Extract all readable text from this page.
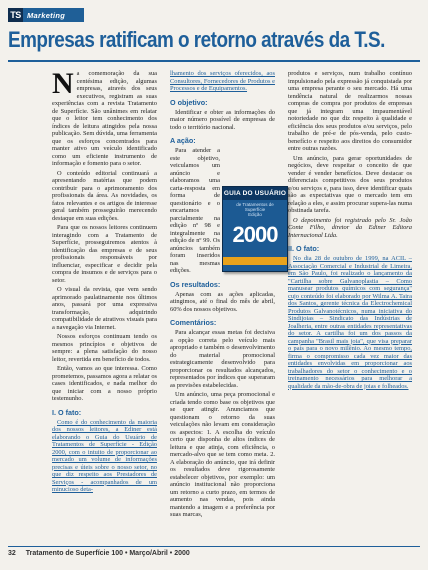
TS Marketing
Empresas ratificam o retorno através da T.S.

Na comemoração da sua centésima edição, algumas empresas, através dos seus executivos, registram as suas experiências com a revista Tratamento de Superfície. São unânimes em relatar que o leitor tem conhecimento dos índices de leitura atingidos pela nossa publicação. Sem dúvida, uma ferramenta que os esforços concentrados para manter ativo um veículo identificado como um eficiente instrumento de informação e fomento para o setor.

O conteúdo editorial continuará a apresentando matérias que podem contribuir para o aprimoramento dos profissionais da área. As novidades, os fatos relevantes e os artigos de interesse geral também prosseguirão merecendo destaque em suas edições.

Para que os nossos leitores continuem interagindo com a Tratamento de Superfície, prosseguiremos atentos à identificação das empresas e de seus profissionais responsáveis por influenciar, especificar e decidir pela compra de insumos e de serviços para o setor.

O visual da revista, que vem sendo aprimorado paulatinamente nos últimos anos, passará por uma expressiva transformação, adquirindo compatibilidade de atrativos visuais para a navegação via Internet.

Nossos esforços continuam tendo os mesmos princípios e objetivos de sempre: a plena satisfação do nosso leitor, revertida em benefício de todos.

Então, vamos ao que interessa. Como prometemos, passamos agora a relatar os cases identificados, e nada melhor do que iniciar com a nosso próprio testemunho.

I. O fato:

Como é do conhecimento da maioria dos nossos leitores, a Ediner está elaborando o Guia do Usuário de Tratamentos de Superfície - Edição 2000, com o intuito de proporcionar ao mercado um volume de informações precisas e úteis sobre o nosso setor, no que diz respeito aos Prestadores de Serviços - acompanhados de um minucioso deta-

lhamento dos serviços oferecidos, aos Consultores, Fornecedores de Produtos e Processos e de Equipamentos.

O objetivo:

Identificar e obter as informações do maior número possível de empresas de todo o território nacional.

A ação:

Para atender a este objetivo, veiculamos um anúncio e elaboramos uma carta-resposta em forma de questionário e o encartamos parcialmente na edição nº 98 e integralmente na edição de nº 99. Os anúncios também foram inseridos nas mesmas edições.

Os resultados:

Apenas com as ações aplicadas, atingimos, até o final do mês de abril, 60% dos nossos objetivos.

Comentários:

Para alcançar essas metas foi decisiva a opção correta pelo veículo mais apropriado e também o desenvolvimento do material promocional estrategicamente desenvolvido para proporcionar os resultados alcançados, representados por índices que superaram as previsões estabelecidas.

Um anúncio, uma peça promocional e criada tendo como base os objetivos que se quer atingir. Anunciamos que questionam o retorno da suas veiculações não levam em consideração os aspectos: 1. A escolha do veículo certo que disponha de altos índices de leitura e que atinja, com eficiência, o mercado-alvo que se tem como meta. 2. A elaboração do anúncio, que irá definir os resultados deve rigorosamente estabelecer objetivos, por exemplo: um anúncio institucional não proporciona um retorno a curto prazo, em termos de aumento nas vendas, pois ainda mantendo a imagem e a preferência por suas marcas,

GUIA DO USUÁRIO
de Tratamentos de Superfície
Edição
2000

produtos e serviços, num trabalho contínuo impulsionado pela expressão já conquistada por uma empresa perante o seu mercado. Há uma tendência natural de realizarmos nossas compras de compra por produtos de empresas que já integram uma impaumentável notoriedade no que diz respeito à qualidade e eficiência dos seus produtos e/ou serviços, pelo trabalho de pré-e de pós-venda, pelo custo-benefício e respeito aos direitos do consumidor entre outras razões.

Um anúncio, para gerar oportunidades de negócios, deve respeitar o conceito de que vender é vender benefícios. Deve destacar os diferenciais competitivos dos seus produtos e/ou serviços e, para isso, deve identificar quais são as expectativas que o mercado tem em relação a eles, e assim procurar supera-las numa obstinada tarefa.

O depoimento foi registrado pelo Sr. João Conte Filho, diretor da Ediner Editora Internacional Ltda.

II. O fato:

No dia 28 de outubro de 1999, na ACIL – Associação Comercial e Industrial de Limeira, em São Paulo, foi realizado o lançamento da "Cartilha sobre Galvanoplastia – Como manusear produtos químicos com segurança" cujo conteúdo foi elaborado por Wilma A. Taira dos Santos, gerente técnica da Electrochemical Produtos Galvanotécnicos, numa iniciativa do Sindijoias – Sindicato das Indústrias de Joalheria, entre outras entidades representativas do setor. A cartilha foi um dos passos da campanha "Brasil mais joia", que visa preparar o país para o novo milênio. Ao mesmo tempo, firma o compromisso cada vez maior das entidades envolvidas em proporcionar aos trabalhadores do setor o conhecimento e o treinamento necessários para melhorar a qualidade da mão-de-obra de joias e folheados.

32 Tratamento de Superfície 100 • Março/Abril • 2000
